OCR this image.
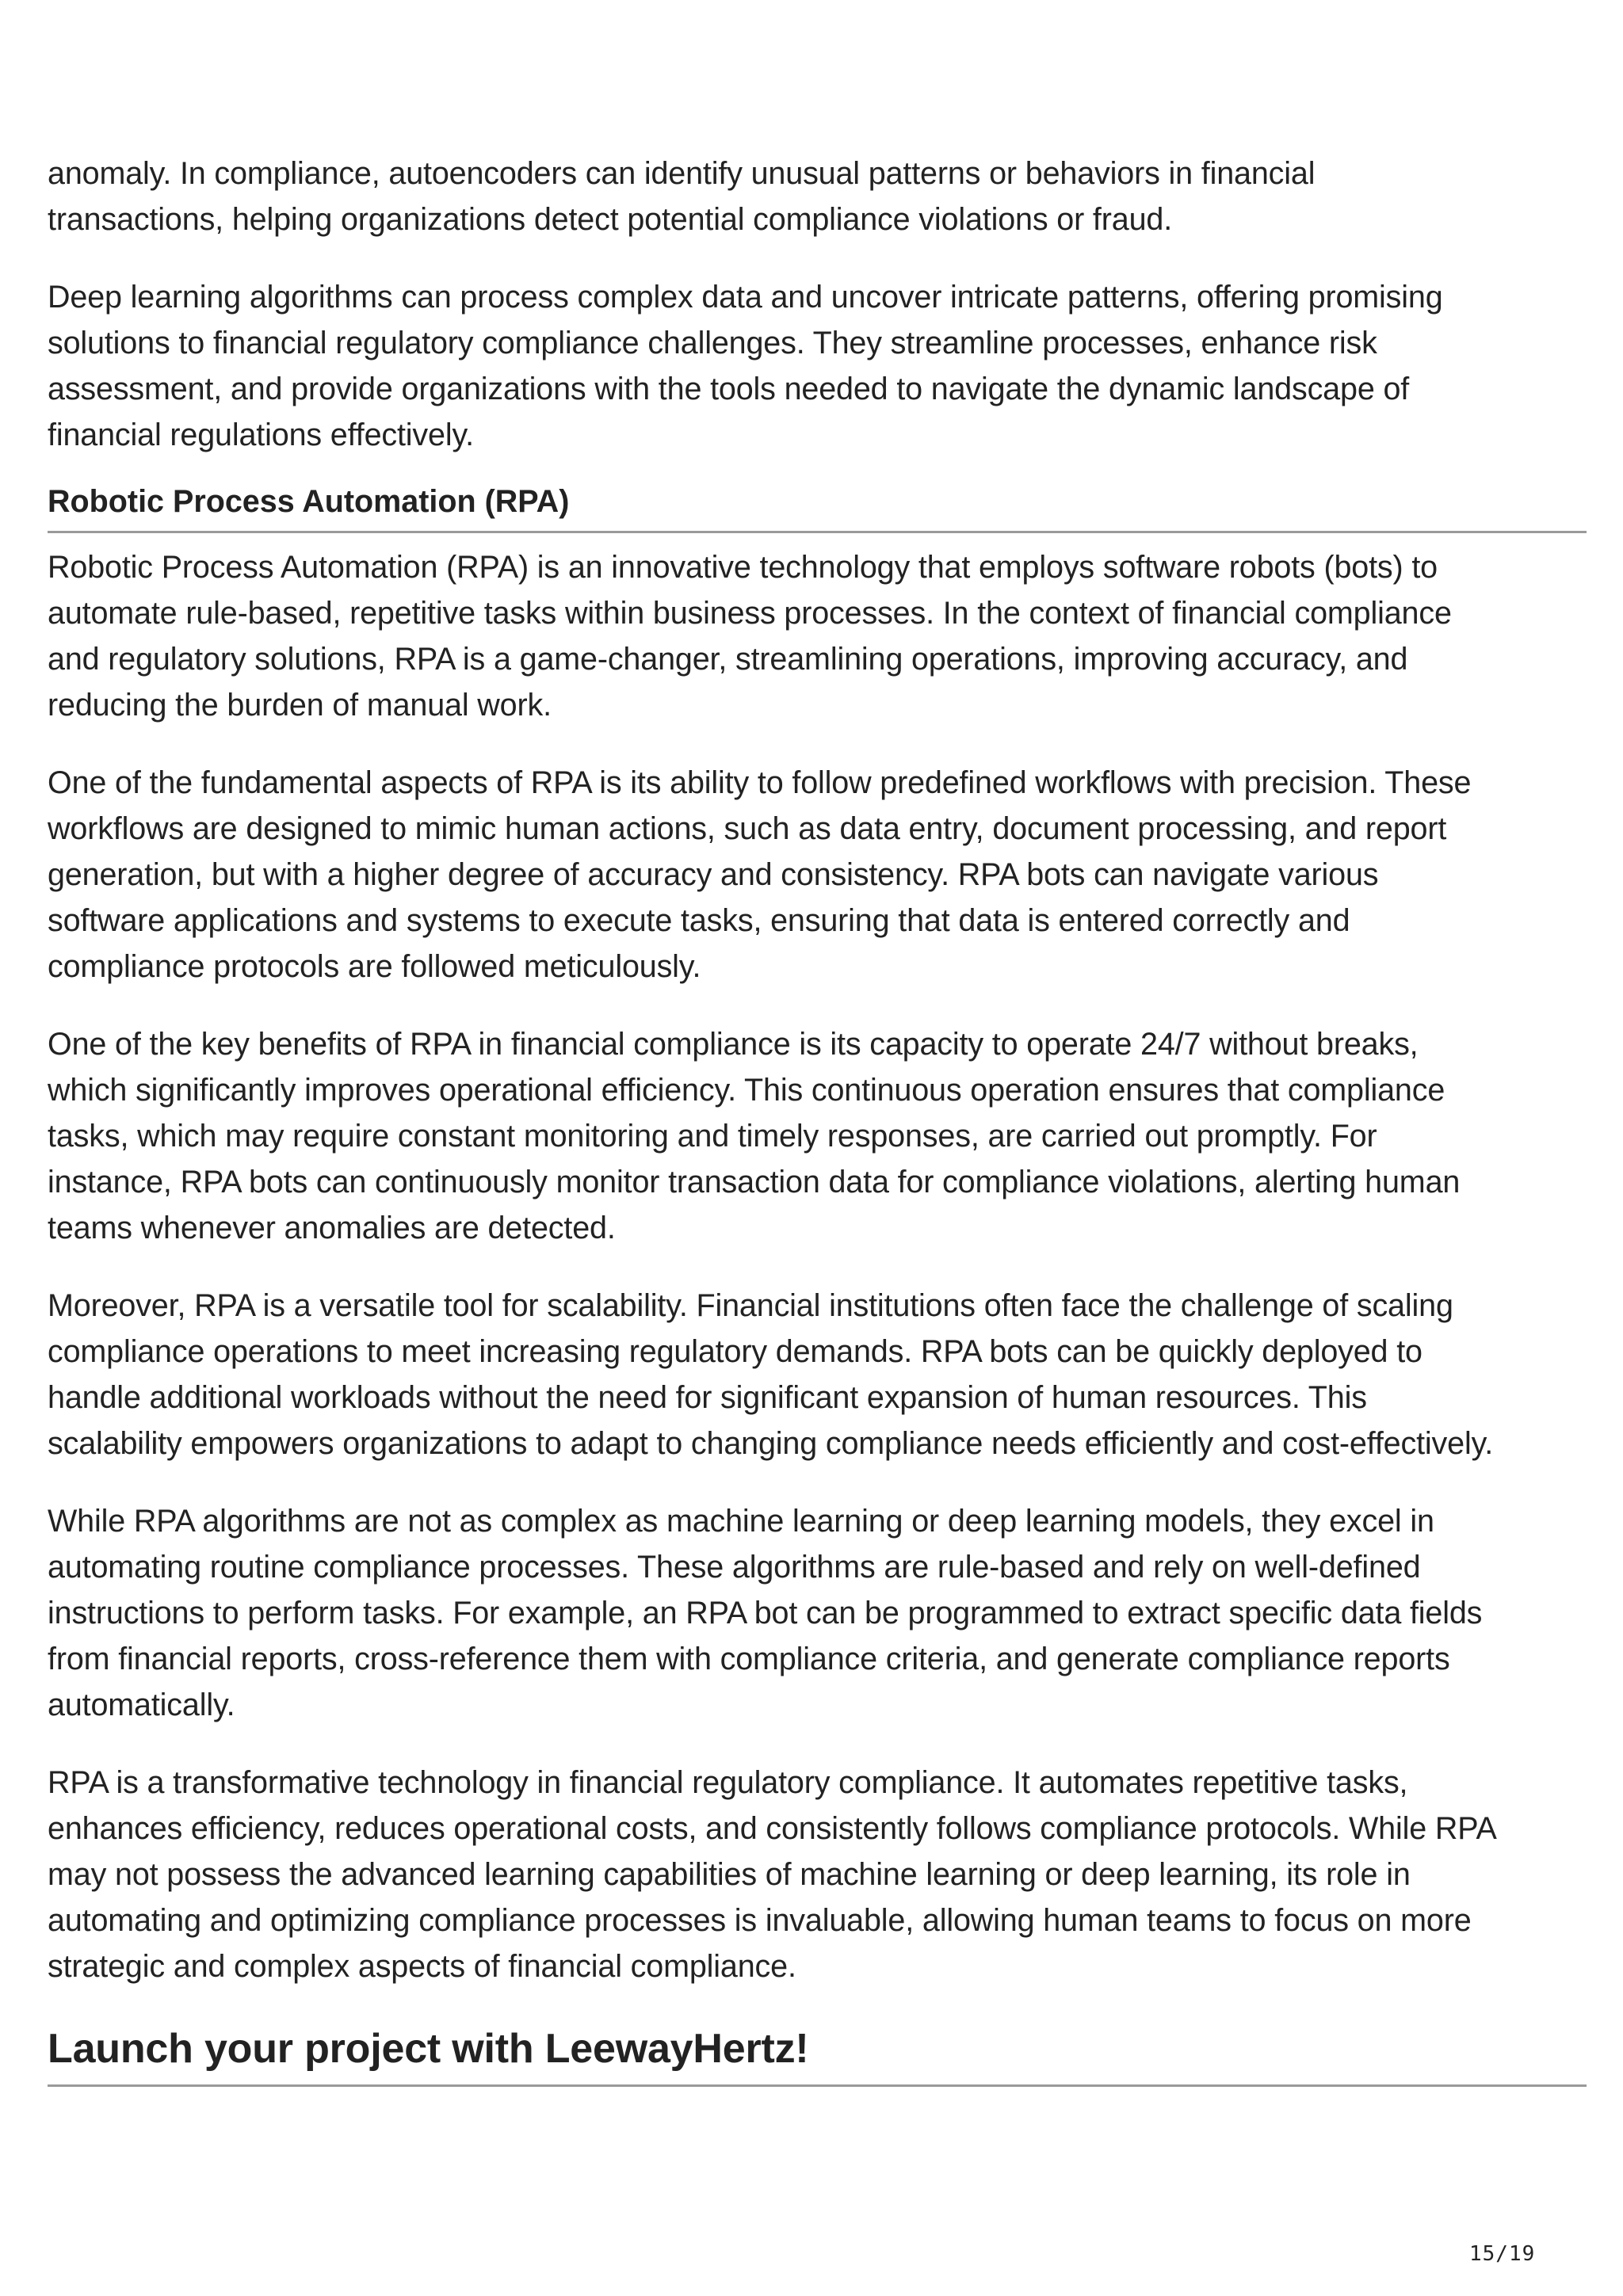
anomaly. In compliance, autoencoders can identify unusual patterns or behaviors in financial
transactions, helping organizations detect potential compliance violations or fraud.

Deep learning algorithms can process complex data and uncover intricate patterns, offering promising
solutions to financial regulatory compliance challenges. They streamline processes, enhance risk
assessment, and provide organizations with the tools needed to navigate the dynamic landscape of
financial regulations effectively.

Robotic Process Automation (RPA)

Robotic Process Automation (RPA) is an innovative technology that employs software robots (bots) to
automate rule-based, repetitive tasks within business processes. In the context of financial compliance
and regulatory solutions, RPA is a game-changer, streamlining operations, improving accuracy, and
reducing the burden of manual work.

One of the fundamental aspects of RPA is its ability to follow predefined workflows with precision. These
workflows are designed to mimic human actions, such as data entry, document processing, and report
generation, but with a higher degree of accuracy and consistency. RPA bots can navigate various
software applications and systems to execute tasks, ensuring that data is entered correctly and
compliance protocols are followed meticulously.

One of the key benefits of RPA in financial compliance is its capacity to operate 24/7 without breaks,
which significantly improves operational efficiency. This continuous operation ensures that compliance
tasks, which may require constant monitoring and timely responses, are carried out promptly. For
instance, RPA bots can continuously monitor transaction data for compliance violations, alerting human
teams whenever anomalies are detected.

Moreover, RPA is a versatile tool for scalability. Financial institutions often face the challenge of scaling
compliance operations to meet increasing regulatory demands. RPA bots can be quickly deployed to
handle additional workloads without the need for significant expansion of human resources. This
scalability empowers organizations to adapt to changing compliance needs efficiently and cost-effectively.

While RPA algorithms are not as complex as machine learning or deep learning models, they excel in
automating routine compliance processes. These algorithms are rule-based and rely on well-defined
instructions to perform tasks. For example, an RPA bot can be programmed to extract specific data fields
from financial reports, cross-reference them with compliance criteria, and generate compliance reports
automatically.

RPA is a transformative technology in financial regulatory compliance. It automates repetitive tasks,
enhances efficiency, reduces operational costs, and consistently follows compliance protocols. While RPA
may not possess the advanced learning capabilities of machine learning or deep learning, its role in
automating and optimizing compliance processes is invaluable, allowing human teams to focus on more
strategic and complex aspects of financial compliance.

Launch your project with LeewayHertz!
15/19
